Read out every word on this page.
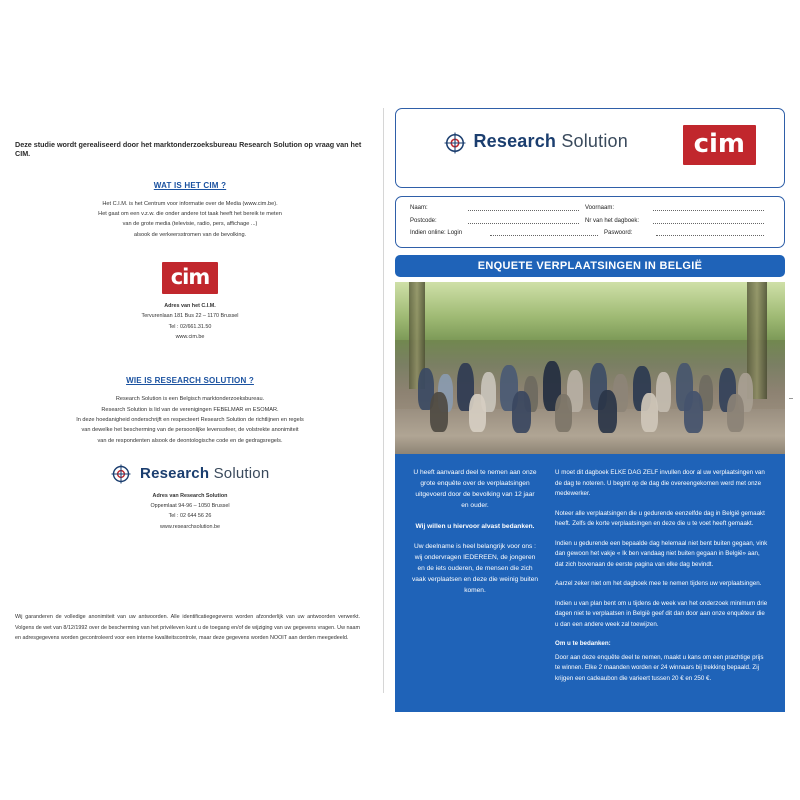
Deze studie wordt gerealiseerd door het marktonderzoeksbureau Research Solution op vraag van het CIM.
WAT IS HET CIM ?
Het C.I.M. is het Centrum voor informatie over de Media (www.cim.be).
Het gaat om een v.z.w. die onder andere tot taak heeft het bereik te meten
van de grote media (televisie, radio, pers, affichage ...)
alsook de verkeersstromen van de bevolking.
cim
Adres van het C.I.M.
Tervurenlaan 181 Bus 22 – 1170 Brussel
Tel : 02/661.31.50
www.cim.be
WIE IS RESEARCH SOLUTION ?
Research Solution is een Belgisch marktonderzoeksbureau.
Research Solution is lid van de verenigingen FEBELMAR en ESOMAR.
In deze hoedanigheid onderschrijft en respecteert Research Solution de richtlijnen en regels
van dewelke het bescherming van de persoonlijke levenssfeer, de volstrekte anonimiteit
van de respondenten alsook de deontologische code en de gedragsregels.
Research Solution
Adres van Research Solution
Oppemlaat 94-96 – 1050 Brussel
Tel : 02 644 56 26
www.researchsolution.be
Wij garanderen de volledige anonimiteit van uw antwoorden. Alle identificatiegegevens worden afzonderlijk van uw antwoorden verwerkt. Volgens de wet van 8/12/1992 over de bescherming van het privéleven kunt u de toegang en/of de wijziging van uw gegevens vragen. Uw naam en adresgegevens worden gecontroleerd voor een interne kwaliteitscontrole, maar deze gegevens worden NOOIT aan derden meegedeeld.
Research Solution	cim
Naam:	Voornaam:
Postcode:	Nr van het dagboek:
Indien online: Login	Paswoord:
ENQUETE VERPLAATSINGEN IN BELGIË
U heeft aanvaard deel te nemen aan onze grote enquête over de verplaatsingen uitgevoerd door de bevolking van 12 jaar en ouder.
Wij willen u hiervoor alvast bedanken.
Uw deelname is heel belangrijk voor ons : wij ondervragen IEDEREEN, de jongeren en de iets ouderen, de mensen die zich vaak verplaatsen en deze die weinig buiten komen.

U moet dit dagboek ELKE DAG ZELF invullen door al uw verplaatsingen van de dag te noteren. U begint op de dag die overeengekomen werd met onze medewerker.

Noteer alle verplaatsingen die u gedurende eenzelfde dag in België gemaakt heeft. Zelfs de korte verplaatsingen en deze die u te voet heeft gemaakt.

Indien u gedurende een bepaalde dag helemaal niet bent buiten gegaan, vink dan gewoon het vakje « Ik ben vandaag niet buiten gegaan in België» aan, dat zich bovenaan de eerste pagina van elke dag bevindt.

Aarzel zeker niet om het dagboek mee te nemen tijdens uw verplaatsingen.

Indien u van plan bent om u tijdens de week van het onderzoek minimum drie dagen niet te verplaatsen in België geef dit dan door aan onze enquêteur die u dan een andere week zal toewijzen.

Om u te bedanken:

Door aan deze enquête deel te nemen, maakt u kans om een prachtige prijs te winnen. Elke 2 maanden worden er 24 winnaars bij trekking bepaald. Zij krijgen een cadeaubon die varieert tussen 20 € en 250 €.
